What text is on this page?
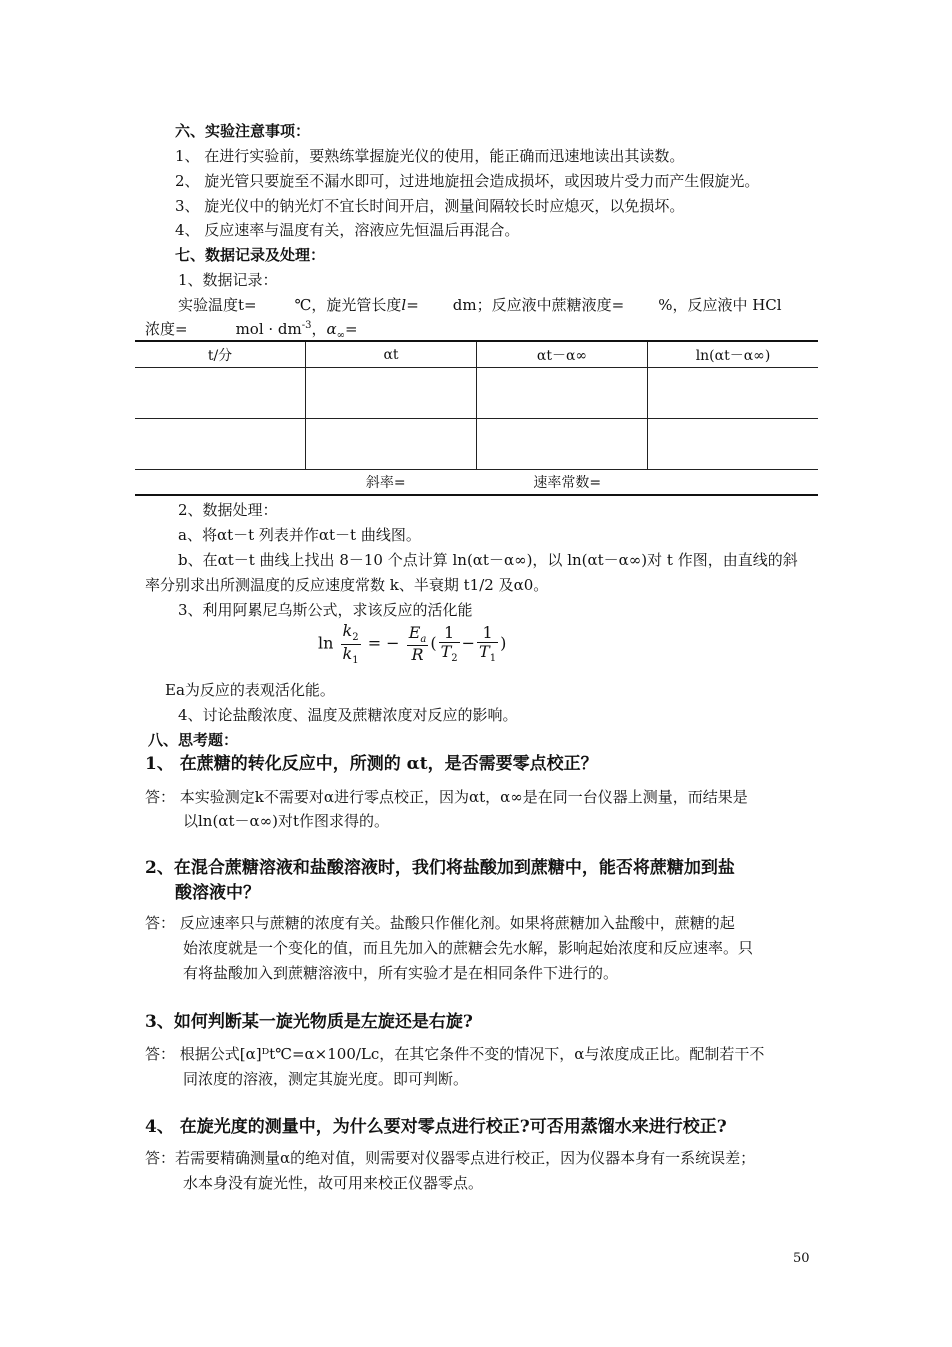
六、实验注意事项：
1、 在进行实验前，要熟练掌握旋光仪的使用，能正确而迅速地读出其读数。
2、 旋光管只要旋至不漏水即可，过进地旋扭会造成损坏，或因玻片受力而产生假旋光。
3、 旋光仪中的钠光灯不宜长时间开启，测量间隔较长时应熄灭，以免损坏。
4、 反应速率与温度有关，溶液应先恒温后再混合。
七、数据记录及处理：
1、数据记录：
实验温度t=	℃，旋光管长度l= dm；反应液中蔗糖液度= %，反应液中 HCl
浓度=	mol · $dm^{-3}$，$\alpha_\infty=$
t/分	αt	αt－α∞	ln(αt－α∞)

斜率=		速率常数=	
2、数据处理：
a、将αt－t 列表并作αt－t 曲线图。
b、在αt－t 曲线上找出 8－10 个点计算 ln(αt－α∞)，以 ln(αt－α∞)对 t 作图，由直线的斜
率分别求出所测温度的反应速度常数 k、半衰期 t1/2 及α0。
3、利用阿累尼乌斯公式，求该反应的活化能
$\ln \frac{k_2}{k_1}$ = − $\frac{E_a}{R}$ ( $\frac{1}{T_2} - \frac{1}{T_1}$ )
Ea为反应的表观活化能。
4、讨论盐酸浓度、温度及蔗糖浓度对反应的影响。
八、思考题：
1、 在蔗糖的转化反应中，所测的 αt，是否需要零点校正？
答： 本实验测定k不需要对α进行零点校正，因为αt，α∞是在同一台仪器上测量，而结果是
以ln(αt－α∞)对t作图求得的。
2、在混合蔗糖溶液和盐酸溶液时，我们将盐酸加到蔗糖中，能否将蔗糖加到盐
酸溶液中？
答： 反应速率只与蔗糖的浓度有关。盐酸只作催化剂。如果将蔗糖加入盐酸中，蔗糖的起
始浓度就是一个变化的值，而且先加入的蔗糖会先水解，影响起始浓度和反应速率。只
有将盐酸加入到蔗糖溶液中，所有实验才是在相同条件下进行的。
3、如何判断某一旋光物质是左旋还是右旋?
答： 根据公式[α]ᴰt℃=α×100/Lc，在其它条件不变的情况下，α与浓度成正比。配制若干不
同浓度的溶液，测定其旋光度。即可判断。
4、 在旋光度的测量中，为什么要对零点进行校正?可否用蒸馏水来进行校正?
答：若需要精确测量α的绝对值，则需要对仪器零点进行校正，因为仪器本身有一系统误差；
水本身没有旋光性，故可用来校正仪器零点。
50
